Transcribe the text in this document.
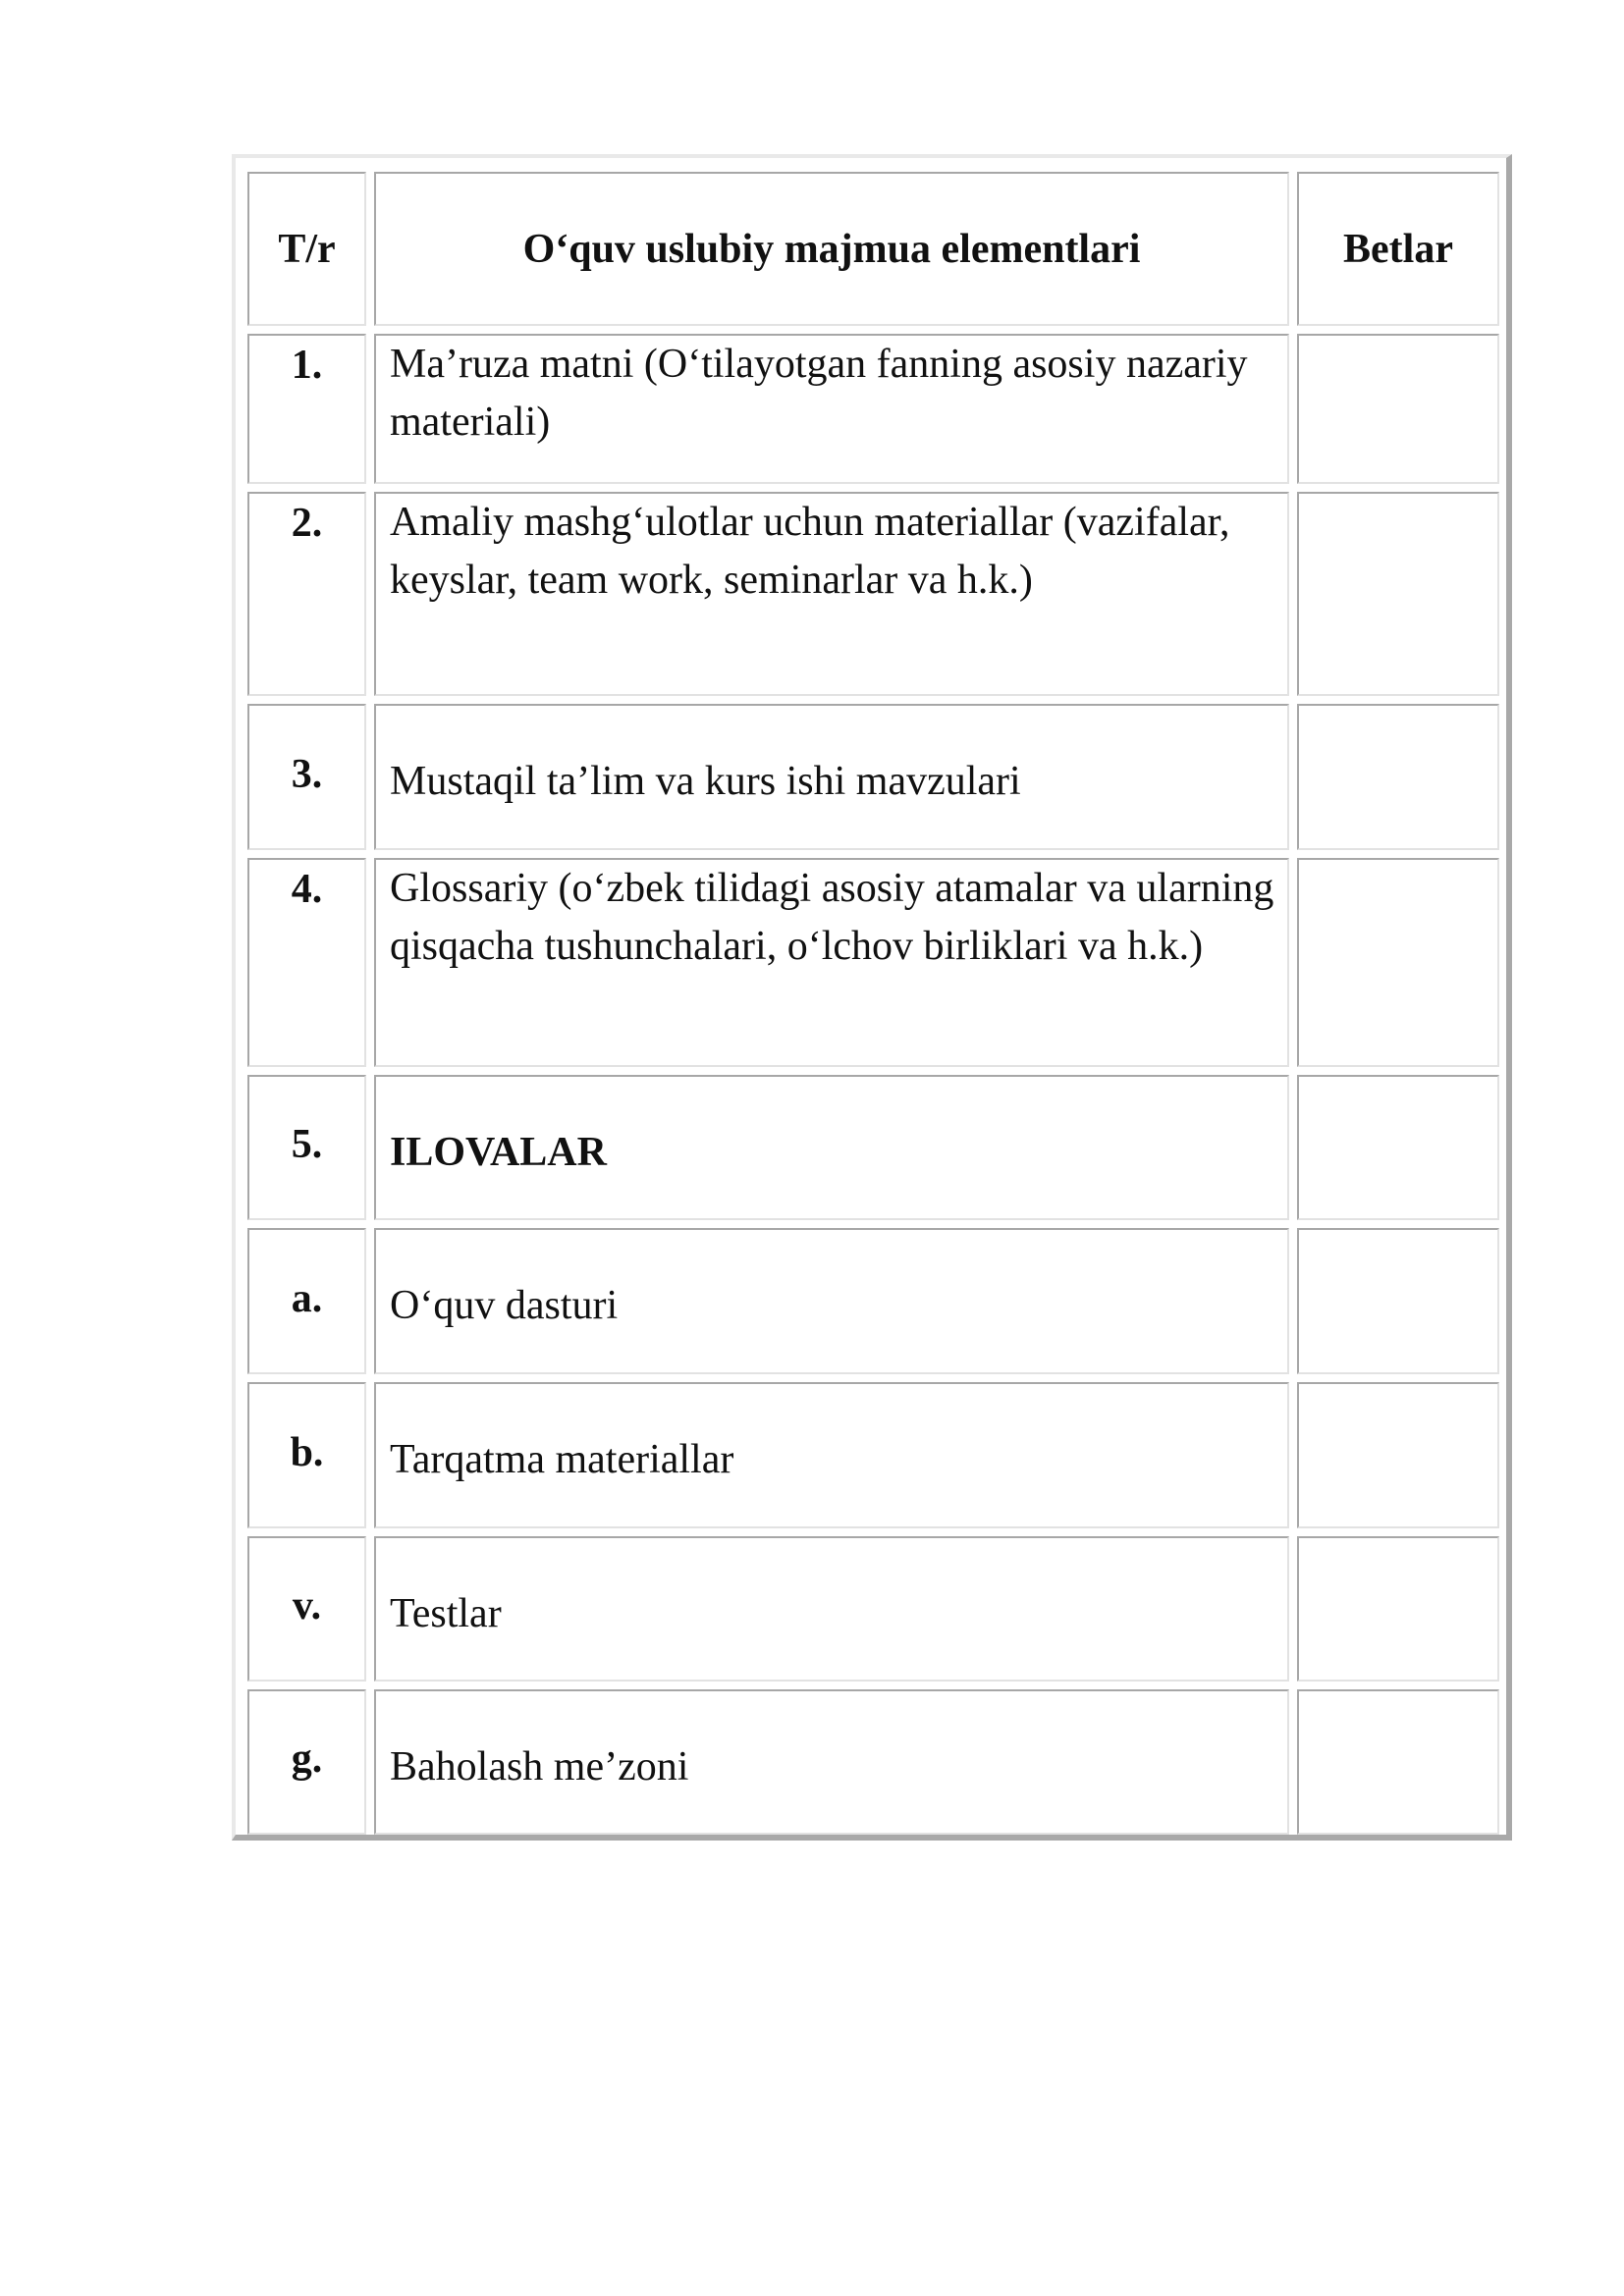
T/r	O‘quv uslubiy majmua elementlari	Betlar

1.	Ma’ruza matni (O‘tilayotgan fanning asosiy nazariy materiali)	
2.	Amaliy mashg‘ulotlar uchun materiallar (vazifalar, keyslar, team work, seminarlar va h.k.)	
3.	Mustaqil ta’lim va kurs ishi mavzulari	
4.	Glossariy (o‘zbek tilidagi asosiy atamalar va ularning qisqacha tushunchalari, o‘lchov birliklari va h.k.)	
5.	ILOVALAR	
a.	O‘quv dasturi	
b.	Tarqatma materiallar	
v.	Testlar	
g.	Baholash me’zoni	
